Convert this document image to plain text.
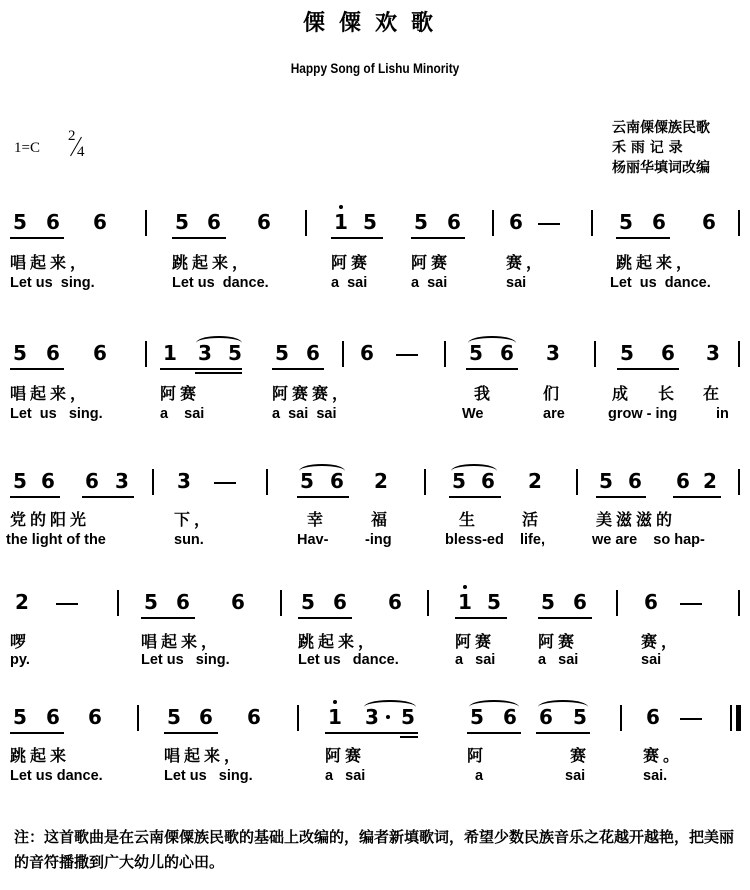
傈僳欢歌
Happy Song of Lishu Minority
1=C
2
4
云南傈僳族民歌
禾 雨 记 录
杨丽华填词改编
5 6 6	5 6 6	1 5 5 6 6	5 6 6
唱起来，	跳起来，	阿赛 阿赛	赛，	跳起来，
Let us  sing.	Let us  dance.	a  sai	a  sai	sai	Let  us  dance.
5 6 6	1 3 5 5 6 6	5 6 3	5 6 3
唱起来，	阿赛	阿赛赛，	我	们	成 长 在
Let  us   sing.	a    sai	a  sai  sai	We	are	grow - ing	in
5 6 6 3 3	5 6 2	5 6 2	5 6 6 2
党的阳光	下，	幸	福	生	活	美滋滋的
the light of the	sun.	Hav-	-ing	bless-ed life,	we are    so hap-
2	5 6 6	5 6 6	1 5 5 6	6
啰	唱起来，	跳起来，	阿赛	阿赛	赛，
py.	Let us   sing.	Let us   dance.	a   sai	a   sai	sai
5 6 6	5 6 6	1 3 5	5 6 6 5	6
跳起来	唱起来，	阿赛	阿	赛	赛。
Let us dance.	Let us   sing.	a   sai	a	sai	sai.
注：这首歌曲是在云南傈僳族民歌的基础上改编的，编者新填歌词，希望少数民族音乐之花越开越艳，把美丽的音符播撒到广大幼儿的心田。
